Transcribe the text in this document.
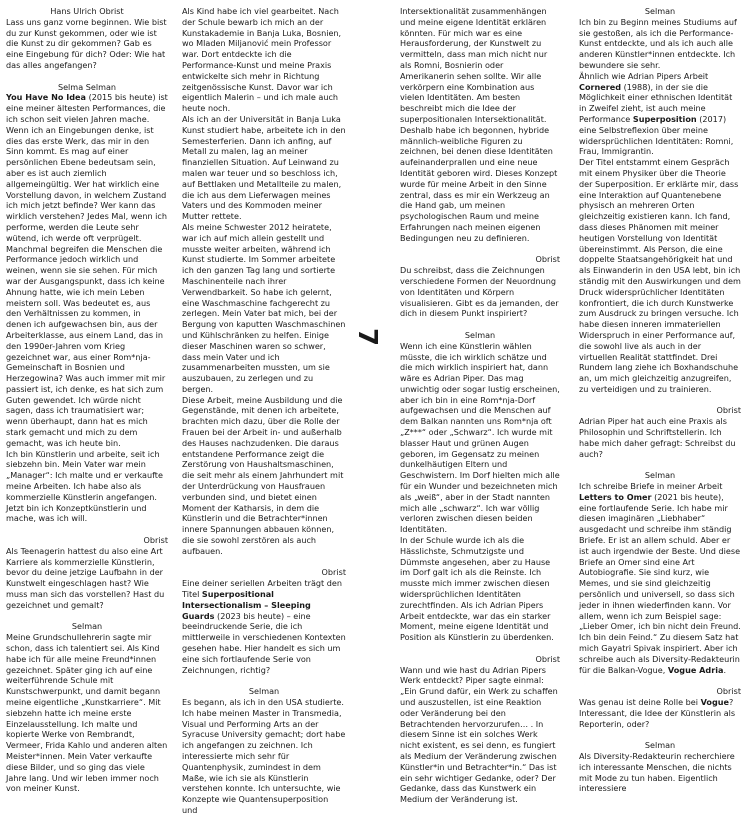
Hans Ulrich Obrist

Lass uns ganz vorne beginnen. Wie bist du zur Kunst gekommen, oder wie ist die Kunst zu dir gekommen? Gab es eine Eingebung für dich? Oder: Wie hat das alles angefangen?

Selma Selman

You Have No Idea (2015 bis heute) ist eine meiner ältesten Performances, die ich schon seit vielen Jahren mache. Wenn ich an Eingebungen denke, ist dies das erste Werk, das mir in den Sinn kommt. Es mag auf einer persönlichen Ebene bedeutsam sein, aber es ist auch ziemlich allgemeingültig. Wer hat wirklich eine Vorstellung davon, in welchem Zustand ich mich jetzt befinde? Wer kann das wirklich verstehen? Jedes Mal, wenn ich performe, werden die Leute sehr wütend, ich werde oft verprügelt. Manchmal begreifen die Menschen die Performance jedoch wirklich und weinen, wenn sie sie sehen. Für mich war der Ausgangspunkt, dass ich keine Ahnung hatte, wie ich mein Leben meistern soll. Was bedeutet es, aus den Verhältnissen zu kommen, in denen ich aufgewachsen bin, aus der Arbeiterklasse, aus einem Land, das in den 1990er-Jahren vom Krieg gezeichnet war, aus einer Rom*nja-Gemeinschaft in Bosnien und Herzegowina? Was auch immer mit mir passiert ist, ich denke, es hat sich zum Guten gewendet. Ich würde nicht sagen, dass ich traumatisiert war; wenn überhaupt, dann hat es mich stark gemacht und mich zu dem gemacht, was ich heute bin.

Ich bin Künstlerin und arbeite, seit ich siebzehn bin. Mein Vater war mein „Manager“: Ich malte und er verkaufte meine Arbeiten. Ich habe also als kommerzielle Künstlerin angefangen. Jetzt bin ich Konzeptkünstlerin und mache, was ich will.

Obrist

Als Teenagerin hattest du also eine Art Karriere als kommerzielle Künstlerin, bevor du deine jetzige Laufbahn in der Kunstwelt eingeschlagen hast? Wie muss man sich das vorstellen? Hast du gezeichnet und gemalt?

Selman

Meine Grundschullehrerin sagte mir schon, dass ich talentiert sei. Als Kind habe ich für alle meine Freund*innen gezeichnet. Später ging ich auf eine weiterführende Schule mit Kunstschwerpunkt, und damit begann meine eigentliche „Kunstkarriere“. Mit siebzehn hatte ich meine erste Einzelausstellung. Ich malte und kopierte Werke von Rembrandt, Vermeer, Frida Kahlo und anderen alten Meister*innen. Mein Vater verkaufte diese Bilder, und so ging das viele Jahre lang. Und wir leben immer noch von meiner Kunst.

Als Kind habe ich viel gearbeitet. Nach der Schule bewarb ich mich an der Kunstakademie in Banja Luka, Bosnien, wo Mladen Miljanović mein Professor war. Dort entdeckte ich die Performance-Kunst und meine Praxis entwickelte sich mehr in Richtung zeitgenössische Kunst. Davor war ich eigentlich Malerin – und ich male auch heute noch.

Als ich an der Universität in Banja Luka Kunst studiert habe, arbeitete ich in den Semesterferien. Dann ich anfing, auf Metall zu malen, lag an meiner finanziellen Situation. Auf Leinwand zu malen war teuer und so beschloss ich, auf Bettlaken und Metallteile zu malen, die ich aus dem Lieferwagen meines Vaters und des Kommoden meiner Mutter rettete.

Als meine Schwester 2012 heiratete, war ich auf mich allein gestellt und musste weiter arbeiten, während ich Kunst studierte. Im Sommer arbeitete ich den ganzen Tag lang und sortierte Maschinenteile nach ihrer Verwendbarkeit. So habe ich gelernt, eine Waschmaschine fachgerecht zu zerlegen. Mein Vater bat mich, bei der Bergung von kaputten Waschmaschinen und Kühlschränken zu helfen. Einige dieser Maschinen waren so schwer, dass mein Vater und ich zusammenarbeiten mussten, um sie auszubauen, zu zerlegen und zu bergen.

Diese Arbeit, meine Ausbildung und die Gegenstände, mit denen ich arbeitete, brachten mich dazu, über die Rolle der Frauen bei der Arbeit in- und außerhalb des Hauses nachzudenken. Die daraus entstandene Performance zeigt die Zerstörung von Haushaltsmaschinen, die seit mehr als einem Jahrhundert mit der Unterdrückung von Hausfrauen verbunden sind, und bietet einen Moment der Katharsis, in dem die Künstlerin und die Betrachter*innen innere Spannungen abbauen können, die sie sowohl zerstören als auch aufbauen.

Obrist

Eine deiner seriellen Arbeiten trägt den Titel Superpositional Intersectionalism – Sleeping Guards (2023 bis heute) – eine beeindruckende Serie, die ich mittlerweile in verschiedenen Kontexten gesehen habe. Hier handelt es sich um eine sich fortlaufende Serie von Zeichnungen, richtig?

Selman

Es begann, als ich in den USA studierte. Ich habe meinen Master in Transmedia, Visual und Performing Arts an der Syracuse University gemacht; dort habe ich angefangen zu zeichnen. Ich interessierte mich sehr für Quantenphysik, zumindest in dem Maße, wie ich sie als Künstlerin verstehen konnte. Ich untersuchte, wie Konzepte wie Quantensuperposition und

7

Intersektionalität zusammenhängen und meine eigene Identität erklären könnten. Für mich war es eine Herausforderung, der Kunstwelt zu vermitteln, dass man mich nicht nur als Romni, Bosnierin oder Amerikanerin sehen sollte. Wir alle verkörpern eine Kombination aus vielen Identitäten. Am besten beschreibt mich die Idee der superpositionalen Intersektionalität.

Deshalb habe ich begonnen, hybride männlich-weibliche Figuren zu zeichnen, bei denen diese Identitäten aufeinanderprallen und eine neue Identität geboren wird. Dieses Konzept wurde für meine Arbeit in den Sinne zentral, dass es mir ein Werkzeug an die Hand gab, um meinen psychologischen Raum und meine Erfahrungen nach meinen eigenen Bedingungen neu zu definieren.

Obrist

Du schreibst, dass die Zeichnungen verschiedene Formen der Neuordnung von Identitäten und Körpern visualisieren. Gibt es da jemanden, der dich in diesem Punkt inspiriert?

Selman

Wenn ich eine Künstlerin wählen müsste, die ich wirklich schätze und die mich wirklich inspiriert hat, dann wäre es Adrian Piper. Das mag unwichtig oder sogar lustig erscheinen, aber ich bin in eine Rom*nja-Dorf aufgewachsen und die Menschen auf dem Balkan nannten uns Rom*nja oft „Z***“ oder „Schwarz“. Ich wurde mit blasser Haut und grünen Augen geboren, im Gegensatz zu meinen dunkelhäutigen Eltern und Geschwistern. Im Dorf hielten mich alle für ein Wunder und bezeichneten mich als „weiß“, aber in der Stadt nannten mich alle „schwarz“. Ich war völlig verloren zwischen diesen beiden Identitäten.

In der Schule wurde ich als die Hässlichste, Schmutzigste und Dümmste angesehen, aber zu Hause im Dorf galt ich als die Reinste. Ich musste mich immer zwischen diesen widersprüchlichen Identitäten zurechtfinden. Als ich Adrian Pipers Arbeit entdeckte, war das ein starker Moment, meine eigene Identität und Position als Künstlerin zu überdenken.

Obrist

Wann und wie hast du Adrian Pipers Werk entdeckt? Piper sagte einmal: „Ein Grund dafür, ein Werk zu schaffen und auszustellen, ist eine Reaktion oder Veränderung bei den Betrachtenden hervorzurufen… . In diesem Sinne ist ein solches Werk nicht existent, es sei denn, es fungiert als Medium der Veränderung zwischen Künstler*in und Betrachter*in.“ Das ist ein sehr wichtiger Gedanke, oder? Der Gedanke, dass das Kunstwerk ein Medium der Veränderung ist.

Selman

Ich bin zu Beginn meines Studiums auf sie gestoßen, als ich die Performance-Kunst entdeckte, und als ich auch alle anderen Künstler*innen entdeckte. Ich bewundere sie sehr.

Ähnlich wie Adrian Pipers Arbeit Cornered (1988), in der sie die Möglichkeit einer ethnischen Identität in Zweifel zieht, ist auch meine Performance Superposition (2017) eine Selbstreflexion über meine widersprüchlichen Identitäten: Romni, Frau, Immigrantin.

Der Titel entstammt einem Gespräch mit einem Physiker über die Theorie der Superposition. Er erklärte mir, dass eine Interaktion auf Quantenebene physisch an mehreren Orten gleichzeitig existieren kann. Ich fand, dass dieses Phänomen mit meiner heutigen Vorstellung von Identität übereinstimmt. Als Person, die eine doppelte Staatsangehörigkeit hat und als Einwanderin in den USA lebt, bin ich ständig mit den Auswirkungen und dem Druck widersprüchlicher Identitäten konfrontiert, die ich durch Kunstwerke zum Ausdruck zu bringen versuche. Ich habe diesen inneren immateriellen Widerspruch in einer Performance auf, die sowohl live als auch in der virtuellen Realität stattfindet. Drei Rundem lang ziehe ich Boxhandschuhe an, um mich gleichzeitig anzugreifen, zu verteidigen und zu trainieren.

Obrist

Adrian Piper hat auch eine Praxis als Philosophin und Schriftstellerin. Ich habe mich daher gefragt: Schreibst du auch?

Selman

Ich schreibe Briefe in meiner Arbeit Letters to Omer (2021 bis heute), eine fortlaufende Serie. Ich habe mir diesen imaginären „Liebhaber“ ausgedacht und schreibe ihm ständig Briefe. Er ist an allem schuld. Aber er ist auch irgendwie der Beste. Und diese Briefe an Omer sind eine Art Autobiografie. Sie sind kurz, wie Memes, und sie sind gleichzeitig persönlich und universell, so dass sich jeder in ihnen wiederfinden kann. Vor allem, wenn ich zum Beispiel sage: „Lieber Omer, ich bin nicht dein Freund. Ich bin dein Feind.“ Zu diesem Satz hat mich Gayatri Spivak inspiriert. Aber ich schreibe auch als Diversity-Redakteurin für die Balkan-Vogue, Vogue Adria.

Obrist

Was genau ist deine Rolle bei Vogue? Interessant, die Idee der Künstlerin als Reporterin, oder?

Selman

Als Diversity-Redakteurin recherchiere ich interessante Menschen, die nichts mit Mode zu tun haben. Eigentlich interessiere
